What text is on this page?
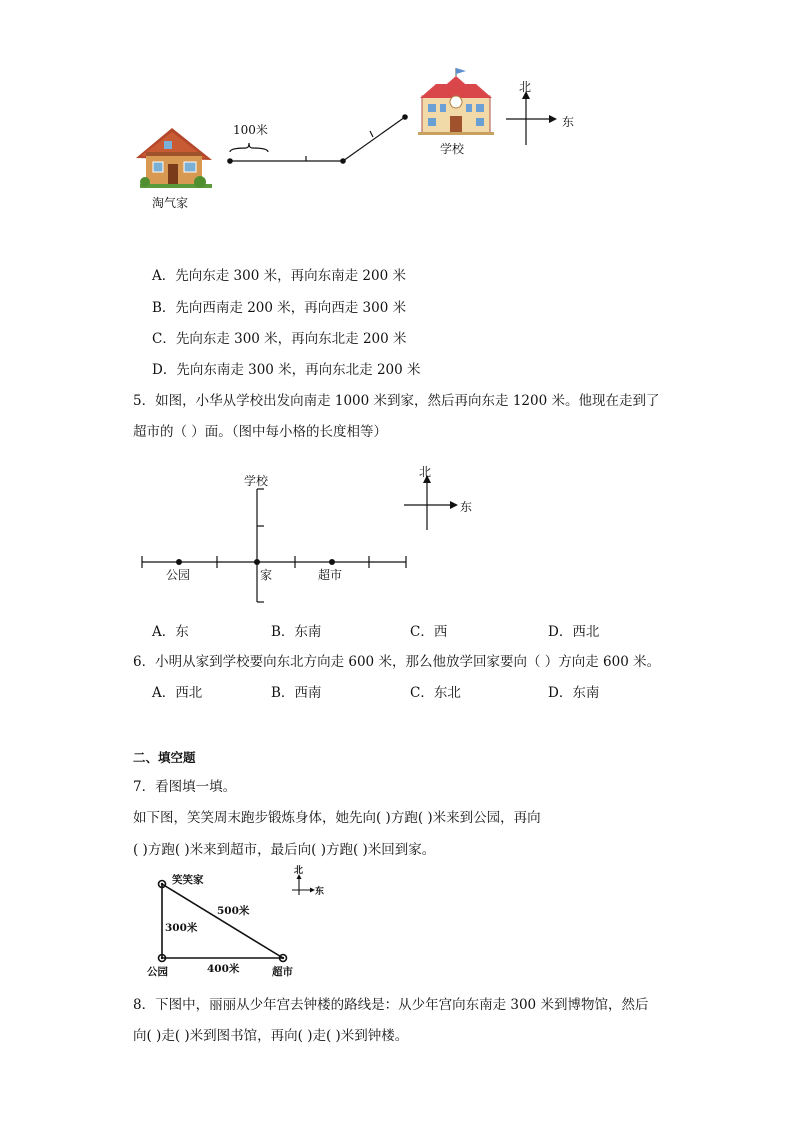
100米
淘气家
学校
北
东
A．先向东走 300 米，再向东南走 200 米
B．先向西南走 200 米，再向西走 300 米
C．先向东走 300 米，再向东北走 200 米
D．先向东南走 300 米，再向东北走 200 米
5．如图，小华从学校出发向南走 1000 米到家，然后再向东走 1200 米。他现在走到了
超市的（ ）面。（图中每小格的长度相等）
学校
公园	家	超市
北
东
A．东	B．东南	C．西	D．西北
6．小明从家到学校要向东北方向走 600 米，那么他放学回家要向（ ）方向走 600 米。
A．西北	B．西南	C．东北	D．东南
二、填空题
7．看图填一填。
如下图，笑笑周末跑步锻炼身体，她先向( )方跑( )米来到公园，再向
( )方跑( )米来到超市，最后向( )方跑( )米回到家。
笑笑家
公园	超市
300米
400米
500米
北
东
8．下图中，丽丽从少年宫去钟楼的路线是：从少年宫向东南走 300 米到博物馆，然后
向( )走( )米到图书馆，再向( )走( )米到钟楼。
